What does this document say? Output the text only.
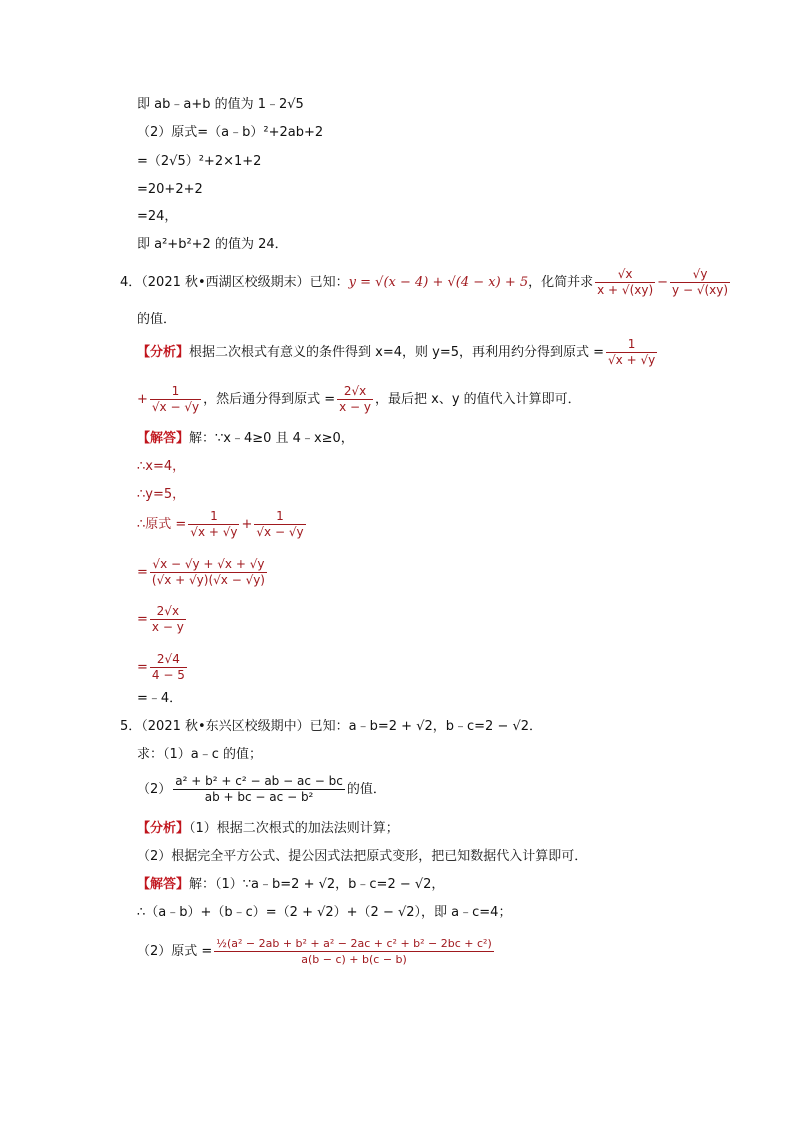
即 ab﹣a+b 的值为 1﹣2√5
（2）原式=（a﹣b）²+2ab+2
=（2√5）²+2×1+2
=20+2+2
=24，
即 a²+b²+2 的值为 24．
4．（2021 秋•西湖区校级期末）已知：y = √(x − 4) + √(4 − x) + 5，化简并求 $\frac{√x}{x + √(xy)} - \frac{√y}{y - √(xy)}$
的值．
【分析】根据二次根式有意义的条件得到 x=4，则 y=5，再利用约分得到原式 = $\frac{1}{√x + √y}$
+ $\frac{1}{√x - √y}$ ，然后通分得到原式 = $\frac{2√x}{x - y}$ ，最后把 x、y 的值代入计算即可．
【解答】解：∵x﹣4≥0 且 4﹣x≥0，
∴x=4，
∴y=5，
∴原式 = $\frac{1}{√x + √y} + \frac{1}{√x - √y}$
= $\frac{√x - √y + √x + √y}{(√x + √y)(√x - √y)}$
= $\frac{2√x}{x - y}$
= $\frac{2√4}{4 - 5}$
=﹣4．
5．（2021 秋•东兴区校级期中）已知：a﹣b=2 + √2，b﹣c=2 − √2．
求：（1）a﹣c 的值；
$(2) \frac{\text{a² + b² + c² − ab − ac − bc}}{\text{ab + bc − ac − b²}}$ 的值．
【分析】（1）根据二次根式的加法法则计算；
（2）根据完全平方公式、提公因式法把原式变形，把已知数据代入计算即可．
【解答】解：（1）∵a﹣b=2 + √2，b﹣c=2 − √2，
∴（a﹣b）+（b﹣c）=（2 + √2）+（2 − √2），即 a﹣c=4；
（2）原式 = $\frac{\text{½(a² − 2ab + b² + a² − 2ac + c² + b² − 2bc + c²)}}{a(b - c) + b(c - b)}$
